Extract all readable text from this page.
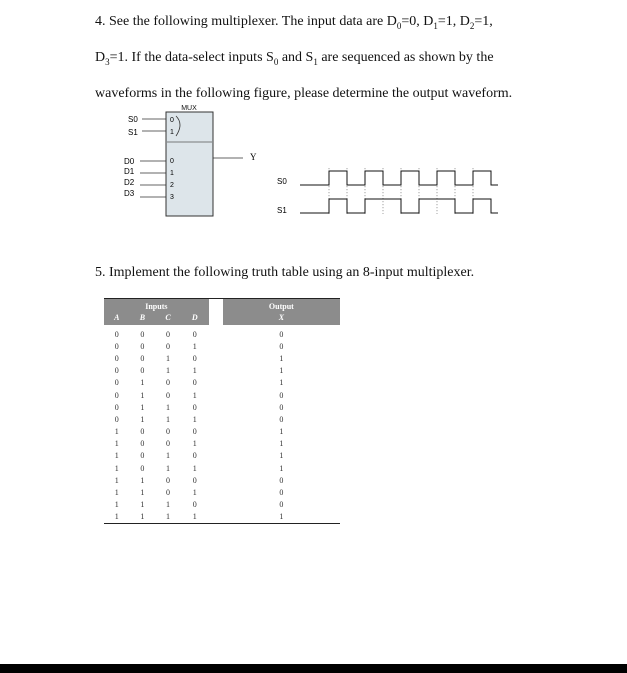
4. See the following multiplexer. The input data are $D_0=0$, $D_1=1$, $D_2=1$,
$D_3=1$. If the data-select inputs $S_0$ and $S_1$ are sequenced as shown by the
waveforms in the following figure, please determine the output waveform.
MUX
S0
S1
0
1
D0
D1
D2
D3
0
1
2
3
Y
S0
S1
5. Implement the following truth table using an 8-input multiplexer.
Inputs					Output
A	B	C	D		X
0	0	0	0		0
0	0	0	1		0
0	0	1	0		1
0	0	1	1		1
0	1	0	0		1
0	1	0	1		0
0	1	1	0		0
0	1	1	1		0
1	0	0	0		1
1	0	0	1		1
1	0	1	0		1
1	0	1	1		1
1	1	0	0		0
1	1	0	1		0
1	1	1	0		0
1	1	1	1		1
